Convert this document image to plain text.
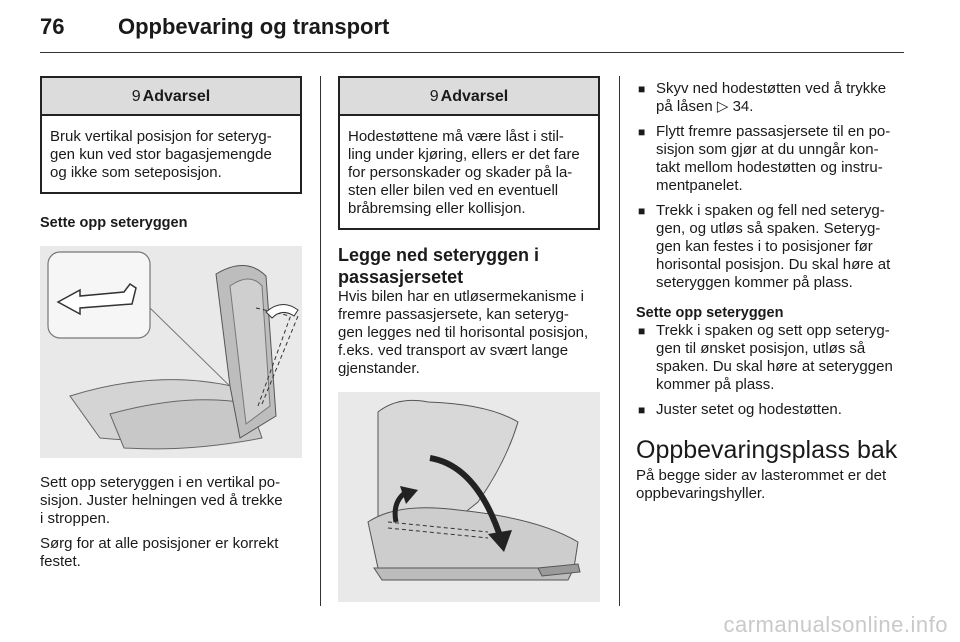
76 Oppbevaring og transport
9 Advarsel
Bruk vertikal posisjon for seteryg-
gen kun ved stor bagasjemengde
og ikke som seteposisjon.
Sette opp seteryggen
Sett opp seteryggen i en vertikal po-
sisjon. Juster helningen ved å trekke
i stroppen.
Sørg for at alle posisjoner er korrekt
festet.
9 Advarsel
Hodestøttene må være låst i stil-
ling under kjøring, ellers er det fare
for personskader og skader på la-
sten eller bilen ved en eventuell
bråbremsing eller kollisjon.
Legge ned seteryggen i
passasjersetet
Hvis bilen har en utløsermekanisme i
fremre passasjersete, kan seteryg-
gen legges ned til horisontal posisjon,
f.eks. ved transport av svært lange
gjenstander.
■ Skyv ned hodestøtten ved å trykke
på låsen ▷ 34.
■ Flytt fremre passasjersete til en po-
sisjon som gjør at du unngår kon-
takt mellom hodestøtten og instru-
mentpanelet.
■ Trekk i spaken og fell ned seteryg-
gen, og utløs så spaken. Seteryg-
gen kan festes i to posisjoner før
horisontal posisjon. Du skal høre at
seteryggen kommer på plass.
Sette opp seteryggen
■ Trekk i spaken og sett opp seteryg-
gen til ønsket posisjon, utløs så
spaken. Du skal høre at seteryggen
kommer på plass.
■ Juster setet og hodestøtten.
Oppbevaringsplass bak
På begge sider av lasterommet er det
oppbevaringshyller.
carmanualsonline.info
